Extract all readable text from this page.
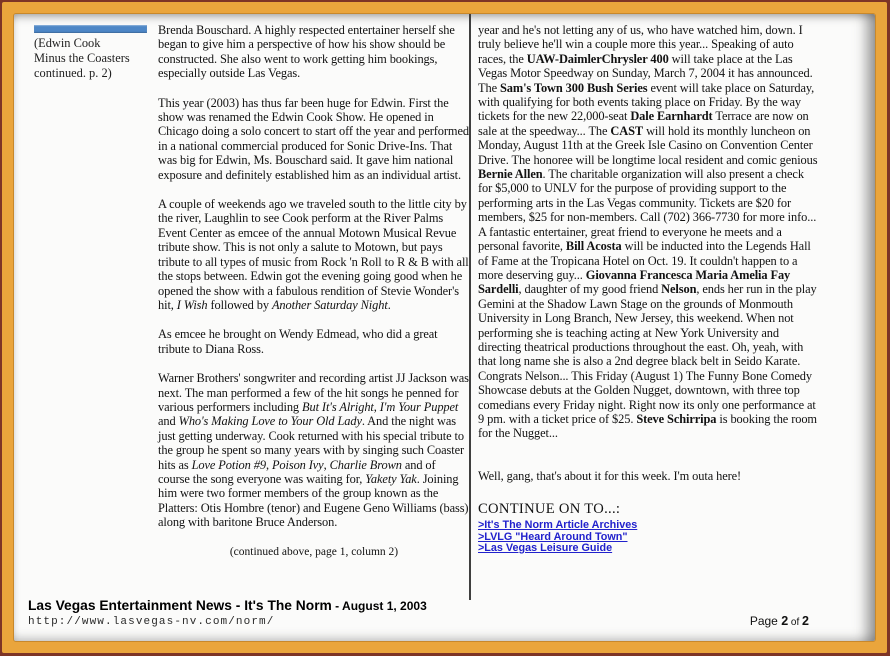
(Edwin Cook
Minus the Coasters
continued. p. 2)

Brenda Bouschard. A highly respected entertainer herself she began to give him a perspective of how his show should be constructed. She also went to work getting him bookings, especially outside Las Vegas.

This year (2003) has thus far been huge for Edwin. First the show was renamed the Edwin Cook Show. He opened in Chicago doing a solo concert to start off the year and performed in a national commercial produced for Sonic Drive-Ins. That was big for Edwin, Ms. Bouschard said. It gave him national exposure and definitely established him as an individual artist.

A couple of weekends ago we traveled south to the little city by the river, Laughlin to see Cook perform at the River Palms Event Center as emcee of the annual Motown Musical Revue tribute show. This is not only a salute to Motown, but pays tribute to all types of music from Rock 'n Roll to R & B with all the stops between. Edwin got the evening going good when he opened the show with a fabulous rendition of Stevie Wonder's hit, I Wish followed by Another Saturday Night.

As emcee he brought on Wendy Edmead, who did a great tribute to Diana Ross.

Warner Brothers' songwriter and recording artist JJ Jackson was next. The man performed a few of the hit songs he penned for various performers including But It's Alright, I'm Your Puppet and Who's Making Love to Your Old Lady. And the night was just getting underway. Cook returned with his special tribute to the group he spent so many years with by singing such Coaster hits as Love Potion #9, Poison Ivy, Charlie Brown and of course the song everyone was waiting for, Yakety Yak. Joining him were two former members of the group known as the Platters: Otis Hombre (tenor) and Eugene Geno Williams (bass) along with baritone Bruce Anderson.

(continued above, page 1, column 2)

year and he's not letting any of us, who have watched him, down. I truly believe he'll win a couple more this year... Speaking of auto races, the UAW-DaimlerChrysler 400 will take place at the Las Vegas Motor Speedway on Sunday, March 7, 2004 it has announced. The Sam's Town 300 Bush Series event will take place on Saturday, with qualifying for both events taking place on Friday. By the way tickets for the new 22,000-seat Dale Earnhardt Terrace are now on sale at the speedway... The CAST will hold its monthly luncheon on Monday, August 11th at the Greek Isle Casino on Convention Center Drive. The honoree will be longtime local resident and comic genious Bernie Allen. The charitable organization will also present a check for $5,000 to UNLV for the purpose of providing support to the performing arts in the Las Vegas community. Tickets are $20 for members, $25 for non-members. Call (702) 366-7730 for more info... A fantastic entertainer, great friend to everyone he meets and a personal favorite, Bill Acosta will be inducted into the Legends Hall of Fame at the Tropicana Hotel on Oct. 19. It couldn't happen to a more deserving guy... Giovanna Francesca Maria Amelia Fay Sardelli, daughter of my good friend Nelson, ends her run in the play Gemini at the Shadow Lawn Stage on the grounds of Monmouth University in Long Branch, New Jersey, this weekend. When not performing she is teaching acting at New York University and directing theatrical productions throughout the east. Oh, yeah, with that long name she is also a 2nd degree black belt in Seido Karate. Congrats Nelson... This Friday (August 1) The Funny Bone Comedy Showcase debuts at the Golden Nugget, downtown, with three top comedians every Friday night. Right now its only one performance at 9 pm. with a ticket price of $25. Steve Schirripa is booking the room for the Nugget...

Well, gang, that's about it for this week. I'm outa here!

CONTINUE ON TO...:
>It's The Norm Article Archives
>LVLG "Heard Around Town"
>Las Vegas Leisure Guide
Las Vegas Entertainment News - It's The Norm - August 1, 2003
http://www.lasvegas-nv.com/norm/	Page 2 of 2
